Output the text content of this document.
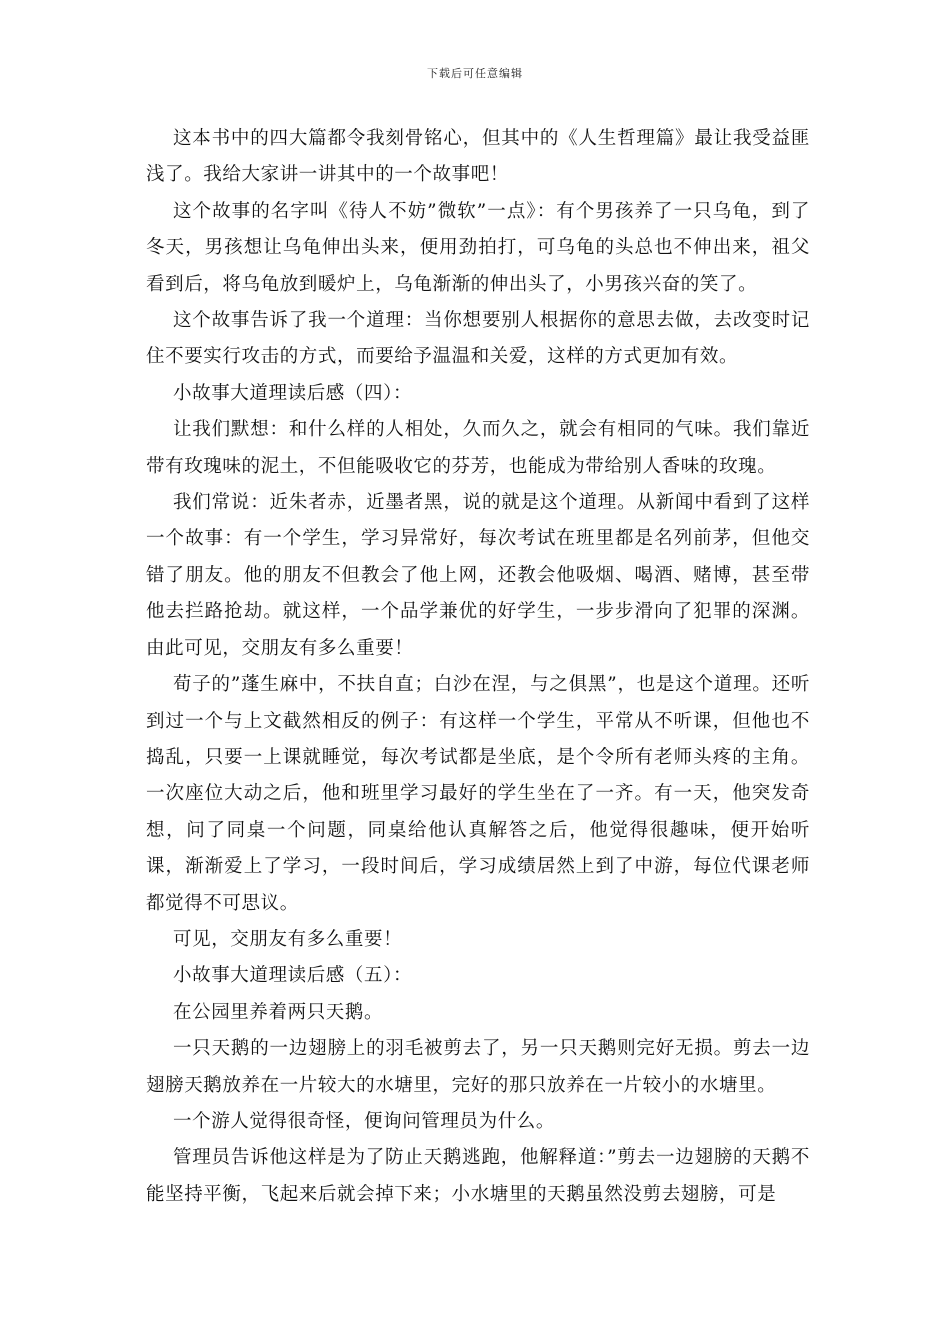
下载后可任意编辑

这本书中的四大篇都令我刻骨铭心，但其中的《人生哲理篇》最让我受益匪浅了。我给大家讲一讲其中的一个故事吧！

这个故事的名字叫《待人不妨”微软”一点》：有个男孩养了一只乌龟，到了冬天，男孩想让乌龟伸出头来，便用劲拍打，可乌龟的头总也不伸出来，祖父看到后，将乌龟放到暖炉上，乌龟渐渐的伸出头了，小男孩兴奋的笑了。

这个故事告诉了我一个道理：当你想要别人根据你的意思去做，去改变时记住不要实行攻击的方式，而要给予温温和关爱，这样的方式更加有效。

小故事大道理读后感（四）：

让我们默想：和什么样的人相处，久而久之，就会有相同的气味。我们靠近带有玫瑰味的泥土，不但能吸收它的芬芳，也能成为带给别人香味的玫瑰。

我们常说：近朱者赤，近墨者黑，说的就是这个道理。从新闻中看到了这样一个故事：有一个学生，学习异常好，每次考试在班里都是名列前茅，但他交错了朋友。他的朋友不但教会了他上网，还教会他吸烟、喝酒、赌博，甚至带他去拦路抢劫。就这样，一个品学兼优的好学生，一步步滑向了犯罪的深渊。由此可见，交朋友有多么重要！

荀子的”蓬生麻中，不扶自直；白沙在涅，与之俱黑”，也是这个道理。还听到过一个与上文截然相反的例子：有这样一个学生，平常从不听课，但他也不捣乱，只要一上课就睡觉，每次考试都是坐底，是个令所有老师头疼的主角。一次座位大动之后，他和班里学习最好的学生坐在了一齐。有一天，他突发奇想，问了同桌一个问题，同桌给他认真解答之后，他觉得很趣味，便开始听课，渐渐爱上了学习，一段时间后，学习成绩居然上到了中游，每位代课老师都觉得不可思议。

可见，交朋友有多么重要！

小故事大道理读后感（五）：

在公园里养着两只天鹅。

一只天鹅的一边翅膀上的羽毛被剪去了，另一只天鹅则完好无损。剪去一边翅膀天鹅放养在一片较大的水塘里，完好的那只放养在一片较小的水塘里。

一个游人觉得很奇怪，便询问管理员为什么。

管理员告诉他这样是为了防止天鹅逃跑，他解释道：”剪去一边翅膀的天鹅不能坚持平衡，飞起来后就会掉下来；小水塘里的天鹅虽然没剪去翅膀，可是
